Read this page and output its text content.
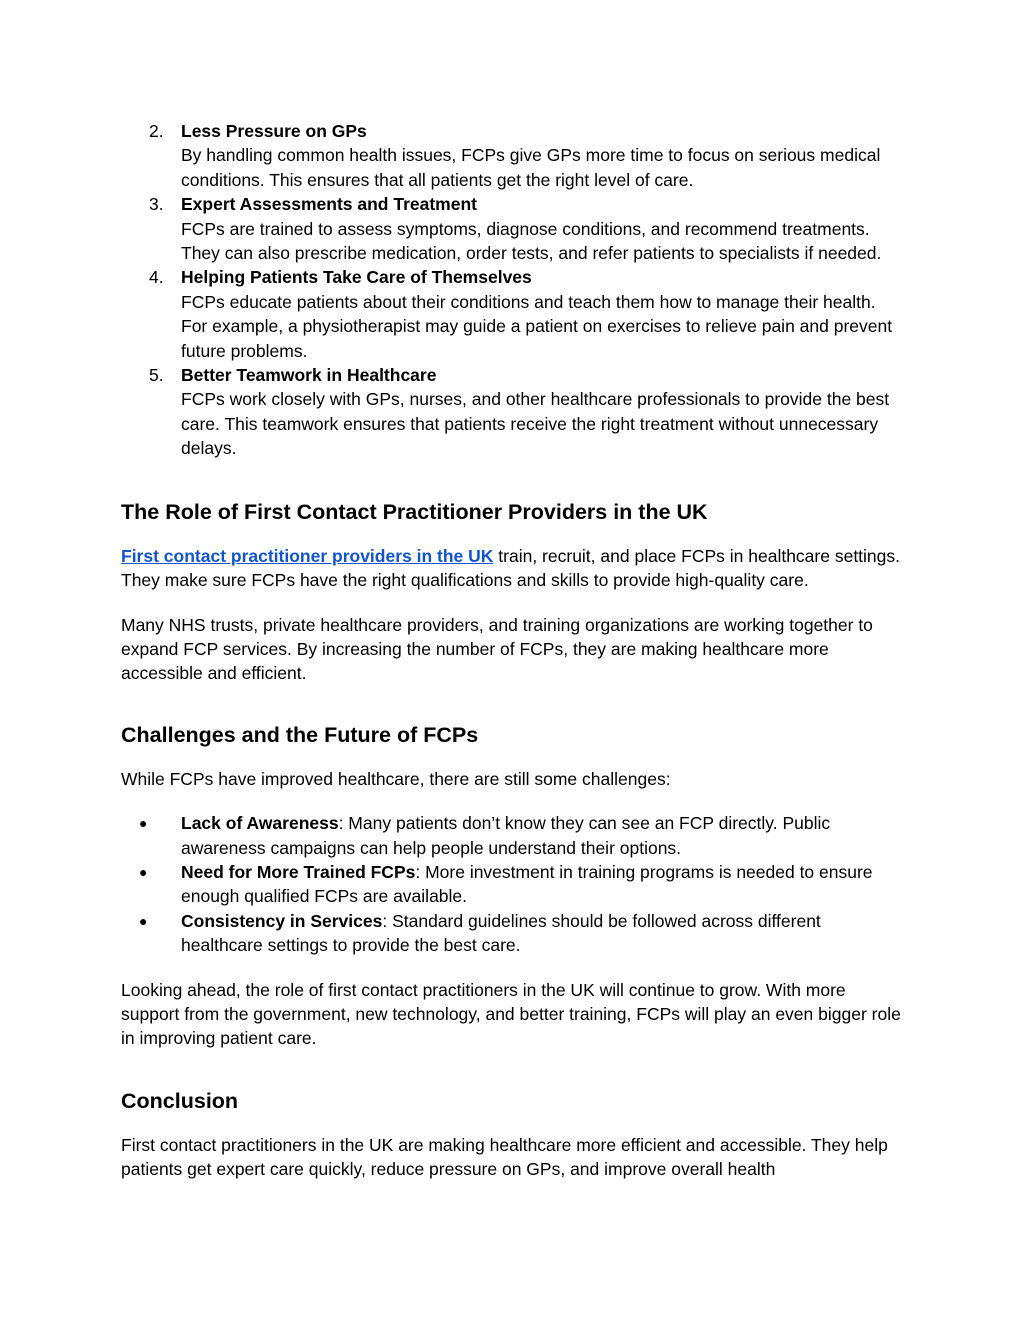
2. Less Pressure on GPs
By handling common health issues, FCPs give GPs more time to focus on serious medical conditions. This ensures that all patients get the right level of care.
3. Expert Assessments and Treatment
FCPs are trained to assess symptoms, diagnose conditions, and recommend treatments. They can also prescribe medication, order tests, and refer patients to specialists if needed.
4. Helping Patients Take Care of Themselves
FCPs educate patients about their conditions and teach them how to manage their health. For example, a physiotherapist may guide a patient on exercises to relieve pain and prevent future problems.
5. Better Teamwork in Healthcare
FCPs work closely with GPs, nurses, and other healthcare professionals to provide the best care. This teamwork ensures that patients receive the right treatment without unnecessary delays.
The Role of First Contact Practitioner Providers in the UK

First contact practitioner providers in the UK train, recruit, and place FCPs in healthcare settings. They make sure FCPs have the right qualifications and skills to provide high-quality care.

Many NHS trusts, private healthcare providers, and training organizations are working together to expand FCP services. By increasing the number of FCPs, they are making healthcare more accessible and efficient.

Challenges and the Future of FCPs

While FCPs have improved healthcare, there are still some challenges:

● Lack of Awareness: Many patients don’t know they can see an FCP directly. Public awareness campaigns can help people understand their options.
● Need for More Trained FCPs: More investment in training programs is needed to ensure enough qualified FCPs are available.
● Consistency in Services: Standard guidelines should be followed across different healthcare settings to provide the best care.

Looking ahead, the role of first contact practitioners in the UK will continue to grow. With more support from the government, new technology, and better training, FCPs will play an even bigger role in improving patient care.

Conclusion

First contact practitioners in the UK are making healthcare more efficient and accessible. They help patients get expert care quickly, reduce pressure on GPs, and improve overall health
